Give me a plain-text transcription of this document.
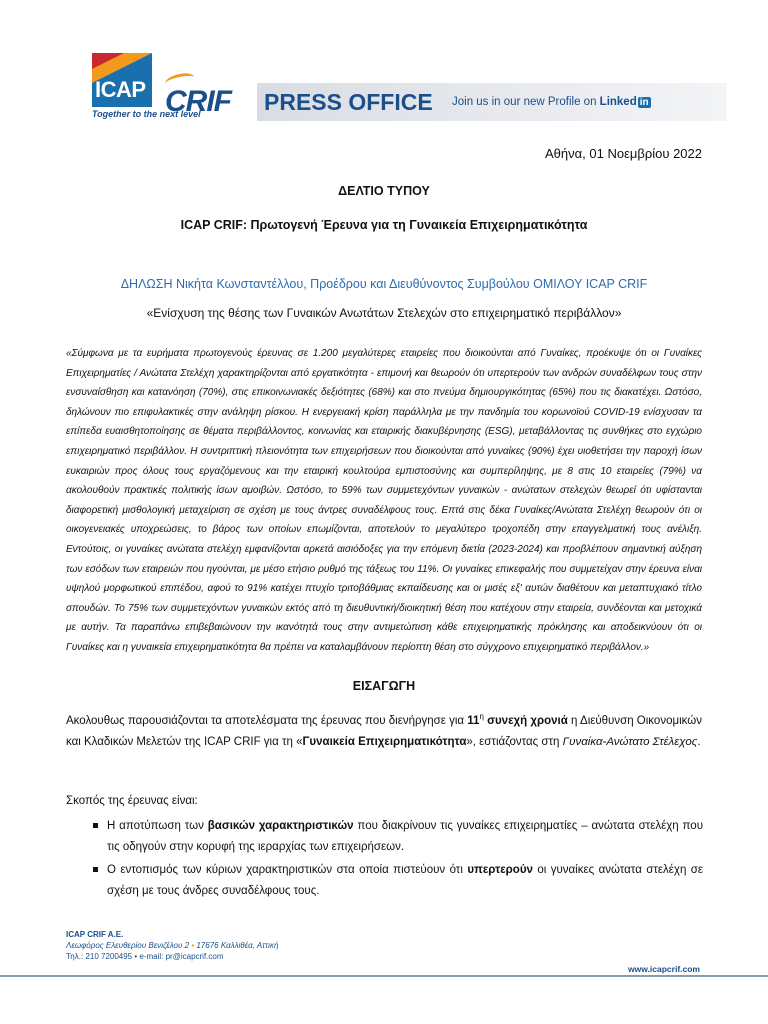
ICAP
Together to the next level
CRIF PRESS OFFICE Join us in our new Profile on Linked in
Αθήνα, 01 Νοεμβρίου 2022
ΔΕΛΤΙΟ ΤΥΠΟΥ
ICAP CRIF: Πρωτογενή Έρευνα για τη Γυναικεία Επιχειρηματικότητα
ΔΗΛΩΣΗ Νικήτα Κωνσταντέλλου, Προέδρου και Διευθύνοντος Συμβούλου ΟΜΙΛΟΥ ICAP CRIF
«Ενίσχυση της θέσης των Γυναικών Ανωτάτων Στελεχών στο επιχειρηματικό περιβάλλον»
«Σύμφωνα με τα ευρήματα πρωτογενούς έρευνας σε 1.200 μεγαλύτερες εταιρείες που διοικούνται από Γυναίκες, προέκυψε ότι οι Γυναίκες Επιχειρηματίες / Ανώτατα Στελέχη χαρακτηρίζονται από εργατικότητα - επιμονή και θεωρούν ότι υπερτερούν των ανδρών συναδέλφων τους στην ενσυναίσθηση και κατανόηση (70%), στις επικοινωνιακές δεξιότητες (68%) και στο πνεύμα δημιουργικότητας (65%) που τις διακατέχει. Ωστόσο, δηλώνουν πιο επιφυλακτικές στην ανάληψη ρίσκου. Η ενεργειακή κρίση παράλληλα με την πανδημία του κορωνοϊού COVID-19 ενίσχυσαν τα επίπεδα ευαισθητοποίησης σε θέματα περιβάλλοντος, κοινωνίας και εταιρικής διακυβέρνησης (ESG), μεταβάλλοντας τις συνθήκες στο εγχώριο επιχειρηματικό περιβάλλον. Η συντριπτική πλειονότητα των επιχειρήσεων που διοικούνται από γυναίκες (90%) έχει υιοθετήσει την παροχή ίσων ευκαιριών προς όλους τους εργαζόμενους και την εταιρική κουλτούρα εμπιστοσύνης και συμπερίληψης, με 8 στις 10 εταιρείες (79%) να ακολουθούν πρακτικές πολιτικής ίσων αμοιβών. Ωστόσο, το 59% των συμμετεχόντων γυναικών - ανώτατων στελεχών θεωρεί ότι υφίστανται διαφορετική μισθολογική μεταχείριση σε σχέση με τους άντρες συναδέλφους τους. Επτά στις δέκα Γυναίκες/Ανώτατα Στελέχη θεωρούν ότι οι οικογενειακές υποχρεώσεις, το βάρος των οποίων επωμίζονται, αποτελούν το μεγαλύτερο τροχοπέδη στην επαγγελματική τους ανέλιξη. Εντούτοις, οι γυναίκες ανώτατα στελέχη εμφανίζονται αρκετά αισιόδοξες για την επόμενη διετία (2023-2024) και προβλέπουν σημαντική αύξηση των εσόδων των εταιρειών που ηγούνται, με μέσο ετήσιο ρυθμό της τάξεως του 11%. Οι γυναίκες επικεφαλής που συμμετείχαν στην έρευνα είναι υψηλού μορφωτικού επιπέδου, αφού το 91% κατέχει πτυχίο τριτοβάθμιας εκπαίδευσης και οι μισές εξ' αυτών διαθέτουν και μεταπτυχιακό τίτλο σπουδών. Το 75% των συμμετεχόντων γυναικών εκτός από τη διευθυντική/διοικητική θέση που κατέχουν στην εταιρεία, συνδέονται και μετοχικά με αυτήν. Τα παραπάνω επιβεβαιώνουν την ικανότητά τους στην αντιμετώπιση κάθε επιχειρηματικής πρόκλησης και αποδεικνύουν ότι οι Γυναίκες και η γυναικεία επιχειρηματικότητα θα πρέπει να καταλαμβάνουν περίοπτη θέση στο σύγχρονο επιχειρηματικό περιβάλλον.»
ΕΙΣΑΓΩΓΗ
Ακολουθως παρουσιάζονται τα αποτελέσματα της έρευνας που διενήργησε για $11^\eta$ συνεχή χρονιά η Διεύθυνση Οικονομικών και Κλαδικών Μελετών της ICAP CRIF για τη «Γυναικεία Επιχειρηματικότητα», εστιάζοντας στη Γυναίκα-Ανώτατο Στέλεχος.
Σκοπός της έρευνας είναι:
Η αποτύπωση των βασικών χαρακτηριστικών που διακρίνουν τις γυναίκες επιχειρηματίες – ανώτατα στελέχη που τις οδηγούν στην κορυφή της ιεραρχίας των επιχειρήσεων.
Ο εντοπισμός των κύριων χαρακτηριστικών στα οποία πιστεύουν ότι υπερτερούν οι γυναίκες ανώτατα στελέχη σε σχέση με τους άνδρες συναδέλφους τους.
ICAP CRIF A.E.
Λεωφόρος Ελευθερίου Βενιζέλου 2 • 17676 Καλλιθέα, Αττική
Τηλ.: 210 7200495 • e-mail: pr@icapcrif.com
www.icapcrif.com
